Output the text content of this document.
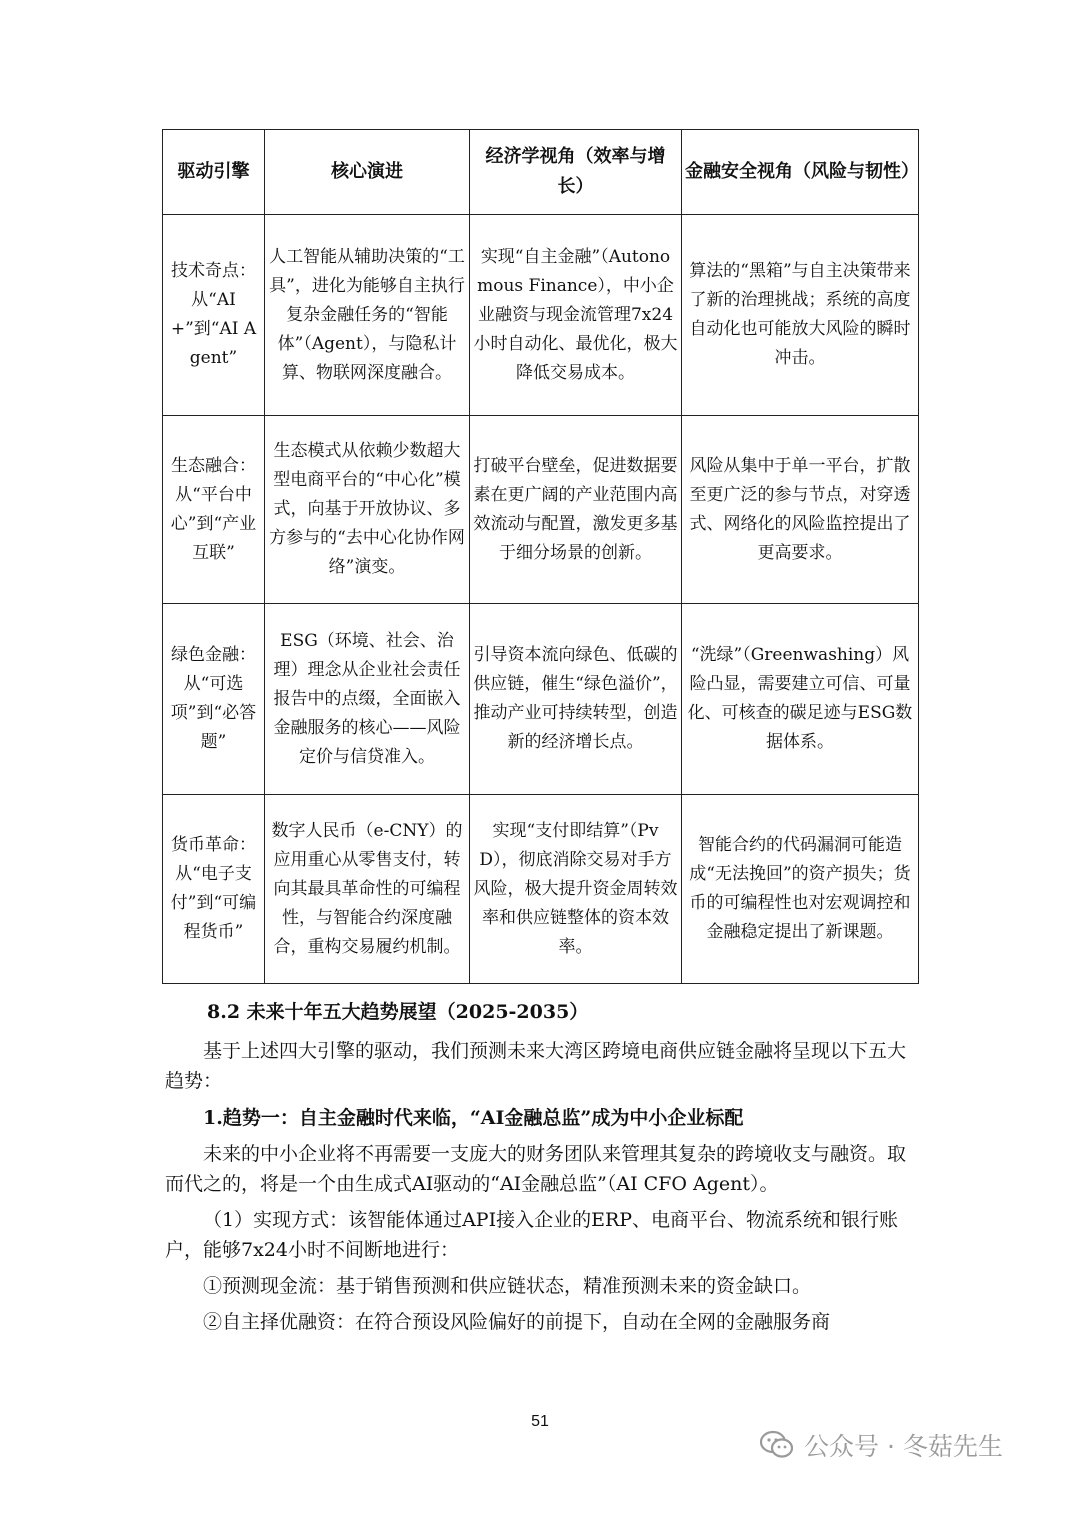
驱动引擎	核心演进	经济学视角（效率与增长）	金融安全视角（风险与韧性）
技术奇点：从“AI+”到“AI Agent”	人工智能从辅助决策的“工具”，进化为能够自主执行复杂金融任务的“智能体”（Agent），与隐私计算、物联网深度融合。	实现“自主金融”（Autonomous Finance），中小企业融资与现金流管理7x24小时自动化、最优化，极大降低交易成本。	算法的“黑箱”与自主决策带来了新的治理挑战；系统的高度自动化也可能放大风险的瞬时冲击。
生态融合：从“平台中心”到“产业互联”	生态模式从依赖少数超大型电商平台的“中心化”模式，向基于开放协议、多方参与的“去中心化协作网络”演变。	打破平台壁垒，促进数据要素在更广阔的产业范围内高效流动与配置，激发更多基于细分场景的创新。	风险从集中于单一平台，扩散至更广泛的参与节点，对穿透式、网络化的风险监控提出了更高要求。
绿色金融：从“可选项”到“必答题”	ESG（环境、社会、治理）理念从企业社会责任报告中的点缀，全面嵌入金融服务的核心——风险定价与信贷准入。	引导资本流向绿色、低碳的供应链，催生“绿色溢价”，推动产业可持续转型，创造新的经济增长点。	“洗绿”（Greenwashing）风险凸显，需要建立可信、可量化、可核查的碳足迹与ESG数据体系。
货币革命：从“电子支付”到“可编程货币”	数字人民币（e-CNY）的应用重心从零售支付，转向其最具革命性的可编程性，与智能合约深度融合，重构交易履约机制。	实现“支付即结算”（PvD），彻底消除交易对手方风险，极大提升资金周转效率和供应链整体的资本效率。	智能合约的代码漏洞可能造成“无法挽回”的资产损失；货币的可编程性也对宏观调控和金融稳定提出了新课题。
8.2 未来十年五大趋势展望（2025-2035）

基于上述四大引擎的驱动，我们预测未来大湾区跨境电商供应链金融将呈现以下五大趋势：

1.趋势一：自主金融时代来临，“AI金融总监”成为中小企业标配

未来的中小企业将不再需要一支庞大的财务团队来管理其复杂的跨境收支与融资。取而代之的，将是一个由生成式AI驱动的“AI金融总监”（AI CFO Agent）。

（1）实现方式：该智能体通过API接入企业的ERP、电商平台、物流系统和银行账户，能够7x24小时不间断地进行：

①预测现金流：基于销售预测和供应链状态，精准预测未来的资金缺口。

②自主择优融资：在符合预设风险偏好的前提下，自动在全网的金融服务商

51
公众号 · 冬菇先生
